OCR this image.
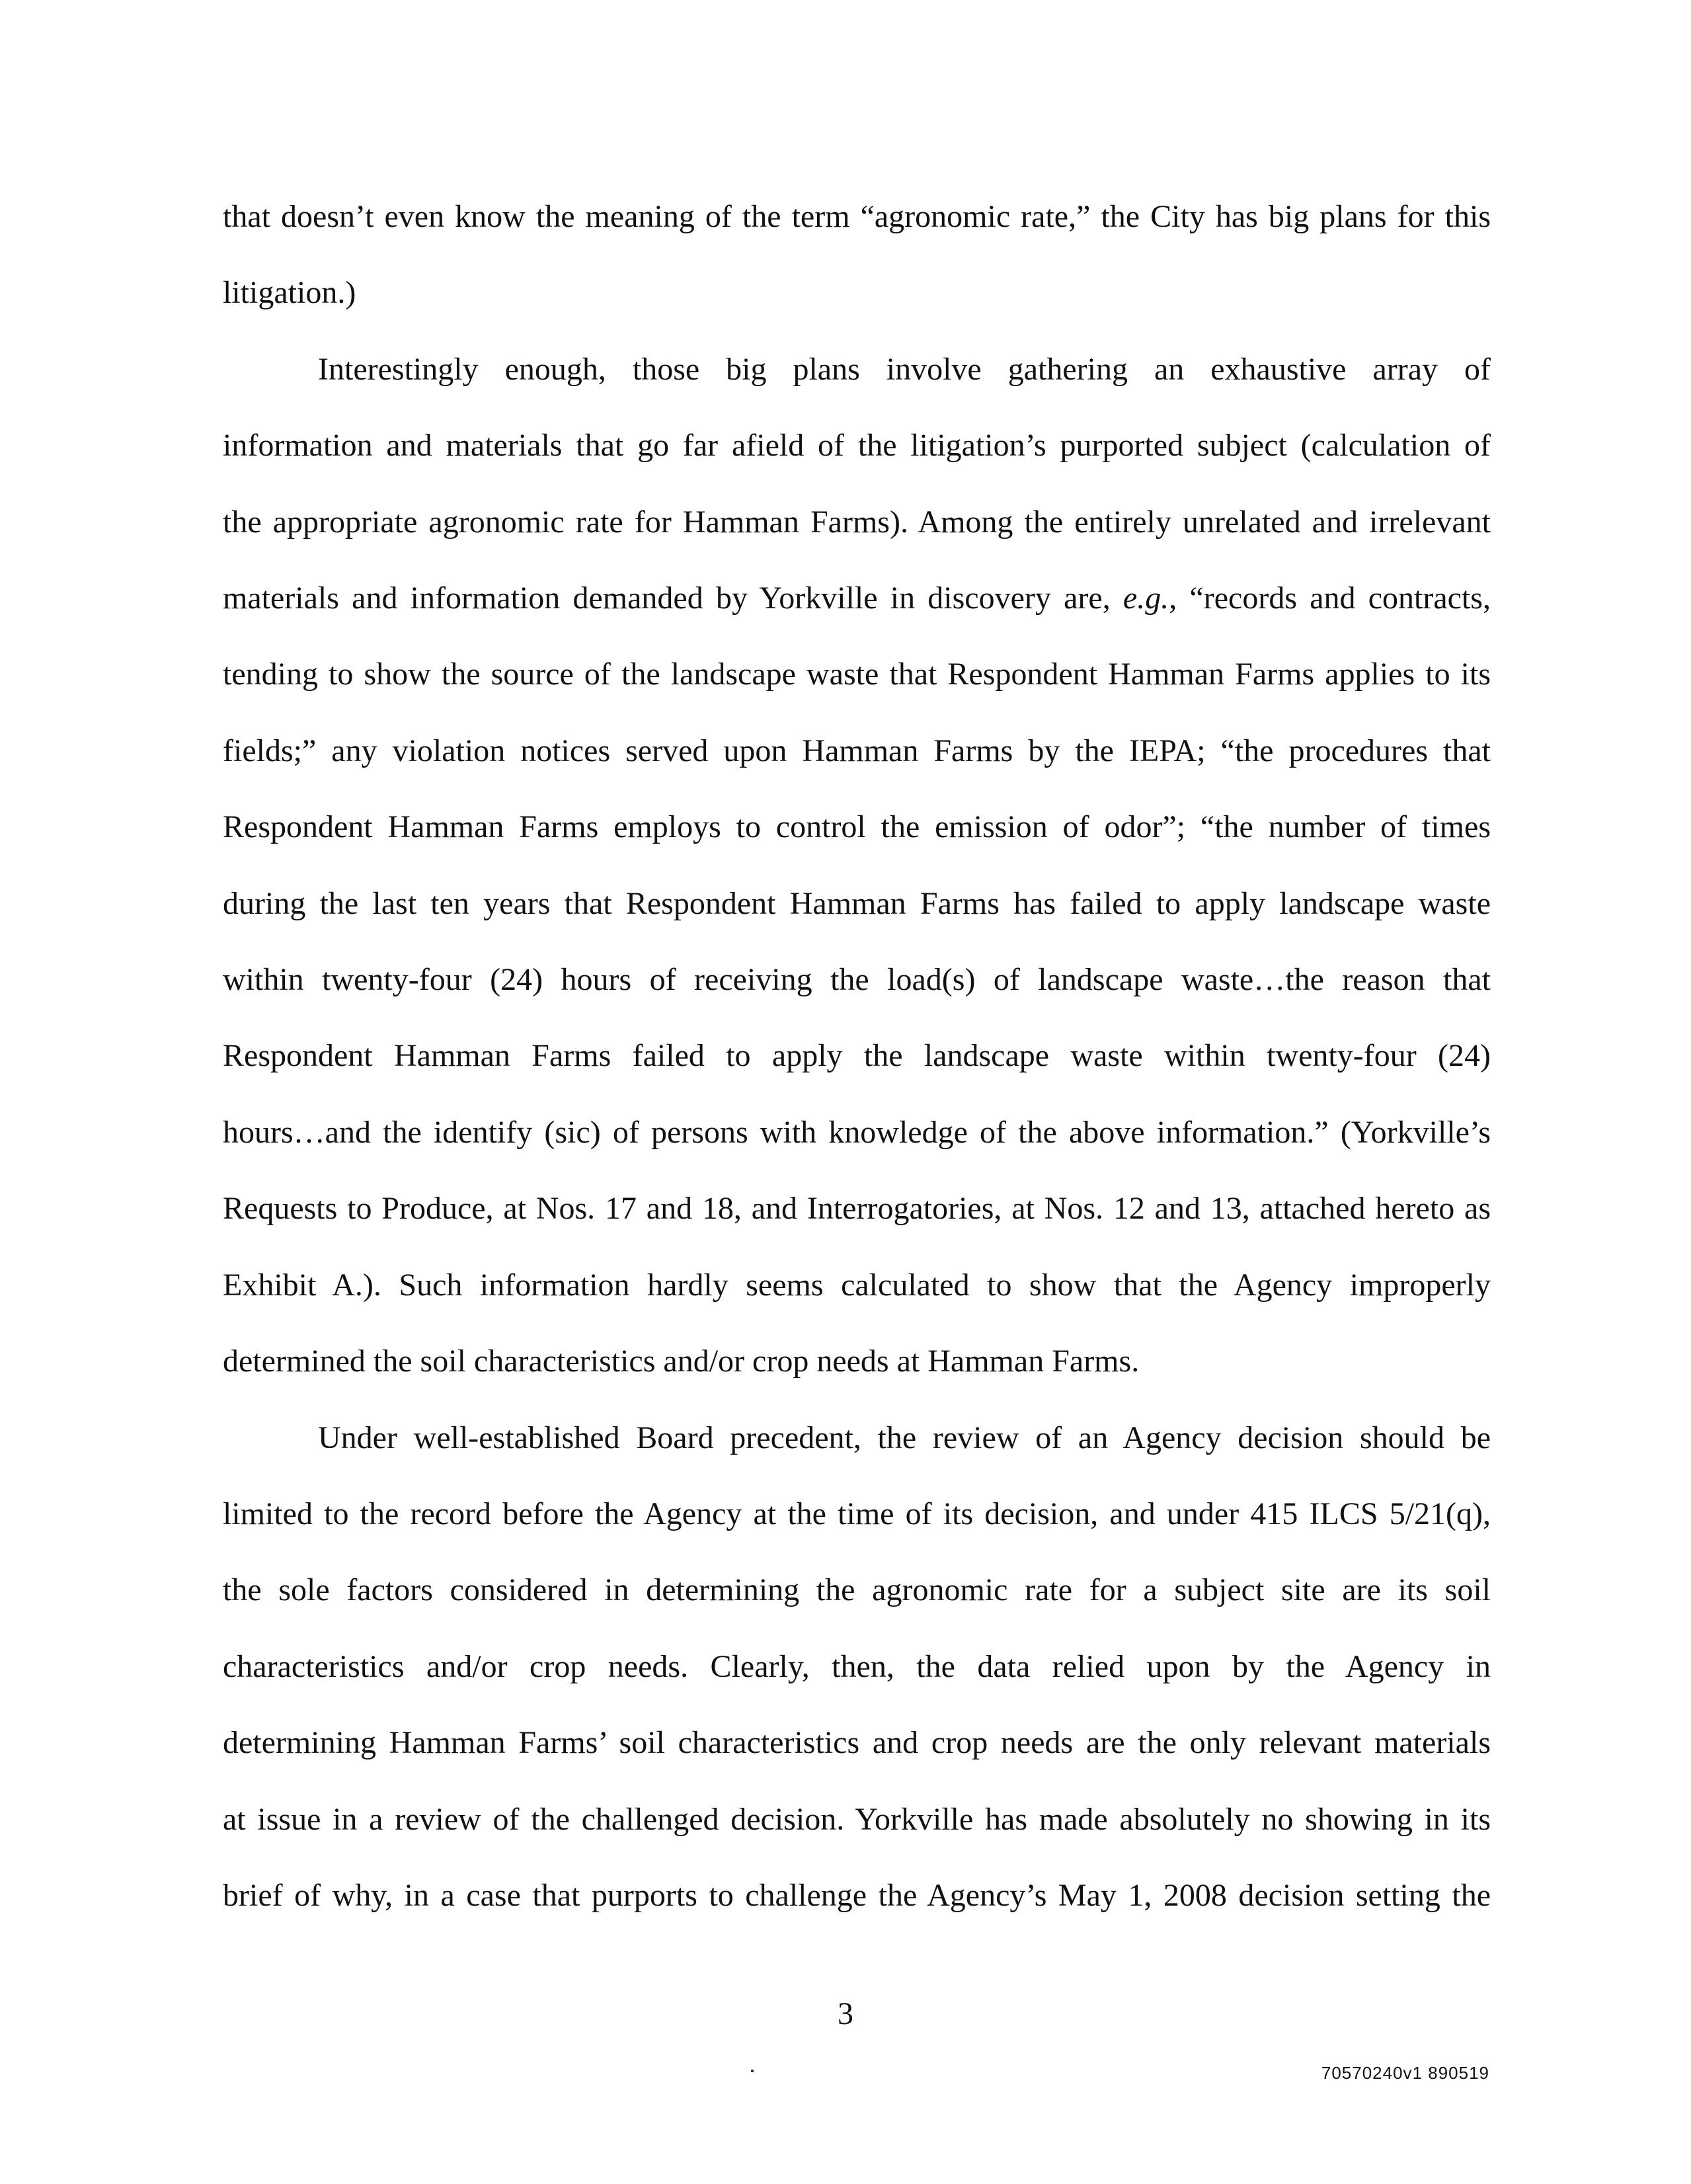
that doesn’t even know the meaning of the term “agronomic rate,” the City has big plans for this
litigation.)
Interestingly enough, those big plans involve gathering an exhaustive array of
information and materials that go far afield of the litigation’s purported subject (calculation of
the appropriate agronomic rate for Hamman Farms). Among the entirely unrelated and irrelevant
materials and information demanded by Yorkville in discovery are, e.g., “records and contracts,
tending to show the source of the landscape waste that Respondent Hamman Farms applies to its
fields;” any violation notices served upon Hamman Farms by the IEPA; “the procedures that
Respondent Hamman Farms employs to control the emission of odor”; “the number of times
during the last ten years that Respondent Hamman Farms has failed to apply landscape waste
within twenty-four (24) hours of receiving the load(s) of landscape waste…the reason that
Respondent Hamman Farms failed to apply the landscape waste within twenty-four (24)
hours…and the identify (sic) of persons with knowledge of the above information.” (Yorkville’s
Requests to Produce, at Nos. 17 and 18, and Interrogatories, at Nos. 12 and 13, attached hereto as
Exhibit A.). Such information hardly seems calculated to show that the Agency improperly
determined the soil characteristics and/or crop needs at Hamman Farms.
Under well-established Board precedent, the review of an Agency decision should be
limited to the record before the Agency at the time of its decision, and under 415 ILCS 5/21(q),
the sole factors considered in determining the agronomic rate for a subject site are its soil
characteristics and/or crop needs. Clearly, then, the data relied upon by the Agency in
determining Hamman Farms’ soil characteristics and crop needs are the only relevant materials
at issue in a review of the challenged decision. Yorkville has made absolutely no showing in its
brief of why, in a case that purports to challenge the Agency’s May 1, 2008 decision setting the
3
70570240v1 890519
